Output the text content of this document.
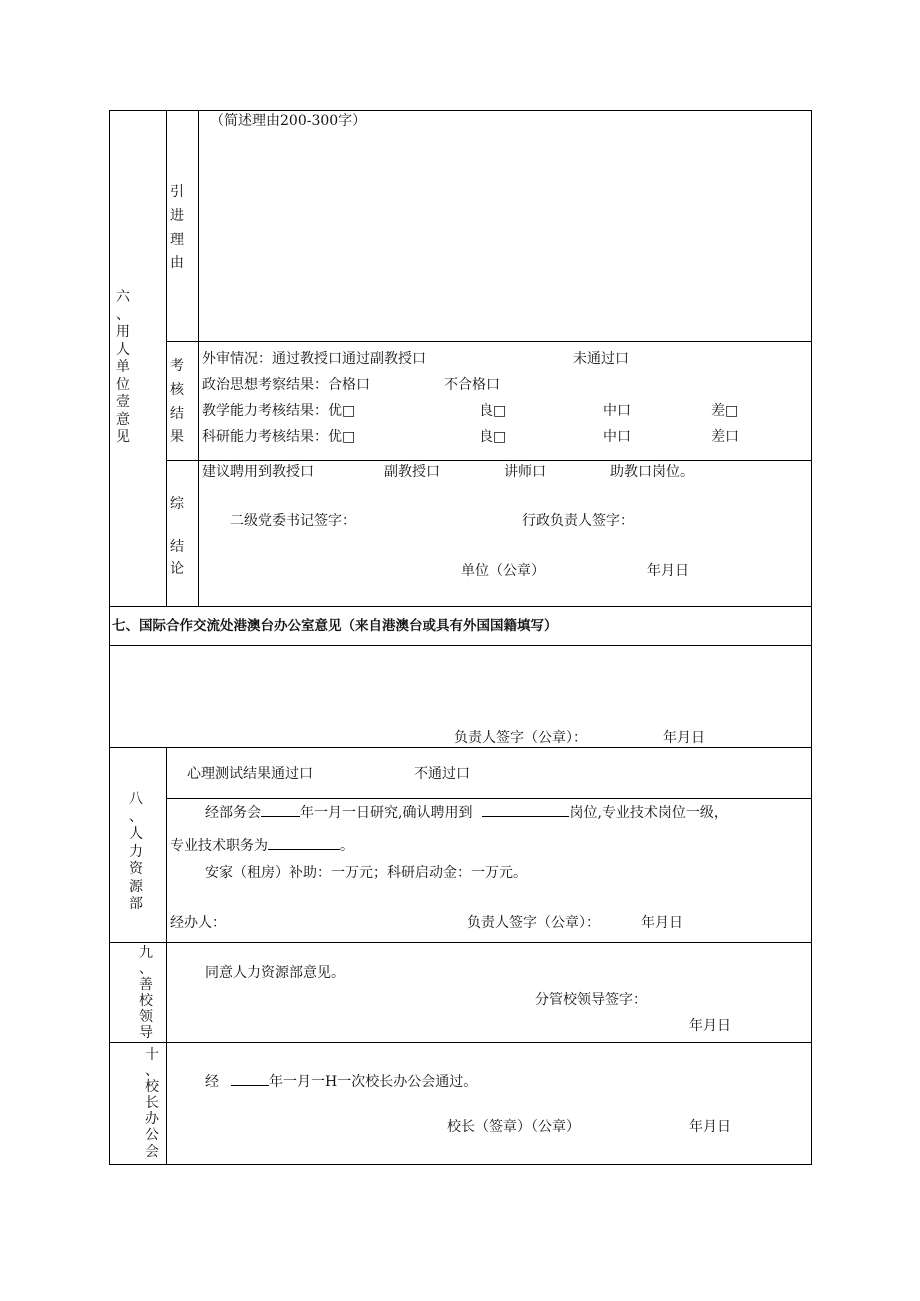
六
、
用
人
单
位
壹
意
见
引
进
理
由
（简述理由200-300字）
考
核
结
果
外审情况：通过教授口通过副教授口	未通过口
政治思想考察结果：合格口	不合格口
教学能力考核结果：优□	良□	中口	差□
科研能力考核结果：优□	良□	中口	差口
综

结
论
建议聘用到教授口	副教授口	讲师口	助教口岗位。
二级党委书记签字：	行政负责人签字：
单位（公章）	年月日
七、国际合作交流处港澳台办公室意见（来自港澳台或具有外国国籍填写）
负责人签字（公章）：	年月日
八
、
人
力
资
源
部
心理测试结果通过口	不通过口
经部务会	年一月一日研究,确认聘用到	岗位,专业技术岗位一级，
专业技术职务为	。
安家（租房）补助：一万元；科研启动金：一万元。
经办人：	负责人签字（公章）：	年月日
九
、
善
校
领
导
同意人力资源部意见。
分管校领导签字：
年月日
十
、
校
长
办
公
会
经	年一月一H一次校长办公会通过。
校长（签章）（公章）	年月日
